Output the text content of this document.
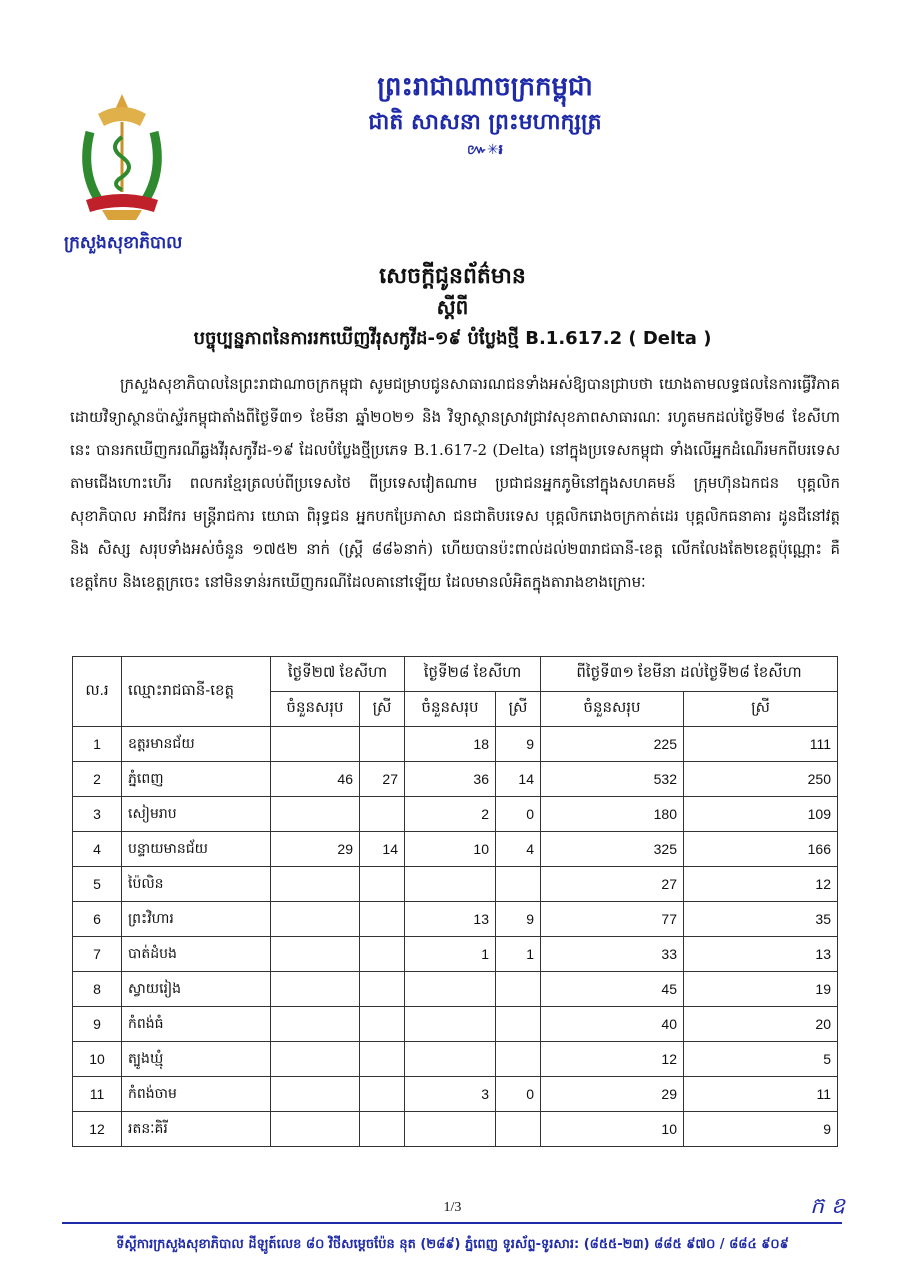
ព្រះរាជាណាចក្រកម្ពុជា
ជាតិ សាសនា ព្រះមហាក្សត្រ
៚✳៛
ក្រសួងសុខាភិបាល
សេចក្តីជូនព័ត៌មាន
ស្តីពី
បច្ចុប្បន្នភាពនៃការរកឃើញវីរុសកូវីដ-១៩ បំប្លែងថ្មី B.1.617.2 ( Delta )
ក្រសួងសុខាភិបាលនៃព្រះរាជាណាចក្រកម្ពុជា សូមជម្រាបជូនសាធារណជនទាំងអស់ឱ្យបានជ្រាបថា យោងតាមលទ្ធផលនៃការធ្វើវិភាគដោយវិទ្យាស្ថានប៉ាស្ទ័រកម្ពុជាតាំងពីថ្ងៃទី៣១ ខែមីនា ឆ្នាំ២០២១ និង វិទ្យាស្ថានស្រាវជ្រាវសុខភាពសាធារណៈ រហូតមកដល់ថ្ងៃទី២៨ ខែសីហានេះ បានរកឃើញករណីឆ្លងវីរុសកូវីដ-១៩ ដែលបំប្លែងថ្មីប្រភេទ B.1.617-2 (Delta) នៅក្នុងប្រទេសកម្ពុជា ទាំងលើអ្នកដំណើរមកពីបរទេសតាមជើងហោះហើរ ពលករខ្មែរត្រលប់ពីប្រទេសថៃ ពីប្រទេសវៀតណាម ប្រជាជនអ្នកភូមិនៅក្នុងសហគមន៍ ក្រុមហ៊ុនឯកជន បុគ្គលិកសុខាភិបាល អាជីវករ មន្ត្រីរាជការ យោធា ពិរុទ្ធជន អ្នកបកប្រែភាសា ជនជាតិបរទេស បុគ្គលិករោងចក្រកាត់ដេរ បុគ្គលិកធនាគារ ដូនជីនៅវត្ត និង សិស្ស សរុបទាំងអស់ចំនួន ១៧៥២ នាក់ (ស្ត្រី ៨៨៦នាក់) ហើយបានប៉ះពាល់ដល់២៣រាជធានី-ខេត្ត លើកលែងតែ២ខេត្តប៉ុណ្ណោះ គឺ ខេត្តកែប និងខេត្តក្រចេះ នៅមិនទាន់រកឃើញករណីដែលគានៅឡើយ ដែលមានលំអិតក្នុងតារាងខាងក្រោមៈ
ល.រ	ឈ្មោះរាជធានី-ខេត្ត	ថ្ងៃទី២៧ ខែសីហា		ថ្ងៃទី២៨ ខែសីហា		ពីថ្ងៃទី៣១ ខែមីនា ដល់ថ្ងៃទី២៨ ខែសីហា	
		ចំនួនសរុប	ស្រី	ចំនួនសរុប	ស្រី	ចំនួនសរុប	ស្រី
1	ឧត្តរមានជ័យ			18	9	225	111
2	ភ្នំពេញ	46	27	36	14	532	250
3	សៀមរាប			2	0	180	109
4	បន្ទាយមានជ័យ	29	14	10	4	325	166
5	ប៉ៃលិន					27	12
6	ព្រះវិហារ			13	9	77	35
7	បាត់ដំបង			1	1	33	13
8	ស្វាយរៀង					45	19
9	កំពង់ធំ					40	20
10	ត្បូងឃ្មុំ					12	5
11	កំពង់ចាម			3	0	29	11
12	រតនៈគិរី					10	9
1/3	ក ឧ
ទីស្តីការក្រសួងសុខាភិបាល ដីឡូត៍លេខ ៨០ វិថីសម្តេចប៉ែន នុត (២៨៩) ភ្នំពេញ ទូរស័ព្ទ-ទូរសារ: (៨៥៥-២៣) ៨៨៥ ៩៧០ / ៨៨៤ ៩០៩
